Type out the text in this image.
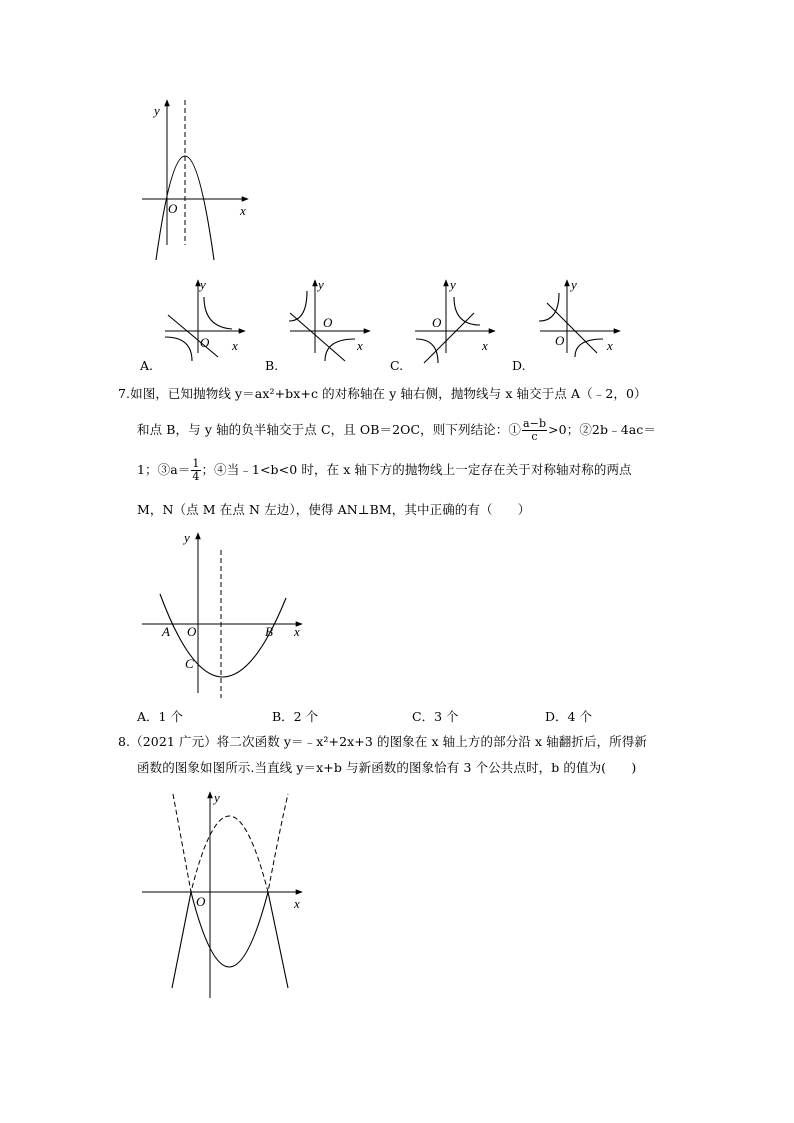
y
O	x
y
O x
y
O
x
y
O
x
y
O	x
A.	B.	C.	D.
7.如图，已知抛物线 y＝ax²+bx+c 的对称轴在 y 轴右侧，抛物线与 x 轴交于点 A（﹣2，0）
和点 B，与 y 轴的负半轴交于点 C，且 OB＝2OC，则下列结论：① $\frac{a-b}{c} >0$；②2b﹣4ac＝
1；③a＝ $\frac{1}{4}$ ；④当﹣1<b<0 时，在 x 轴下方的抛物线上一定存在关于对称轴对称的两点
M，N（点 M 在点 N 左边），使得 AN⊥BM，其中正确的有（　　）
y
A O	B
C
x
A．1 个	B．2 个	C．3 个	D．4 个
8.（2021 广元）将二次函数 y＝﹣x²+2x+3 的图象在 x 轴上方的部分沿 x 轴翻折后，所得新
函数的图象如图所示.当直线 y＝x+b 与新函数的图象恰有 3 个公共点时，b 的值为(　　)
y
O	x
